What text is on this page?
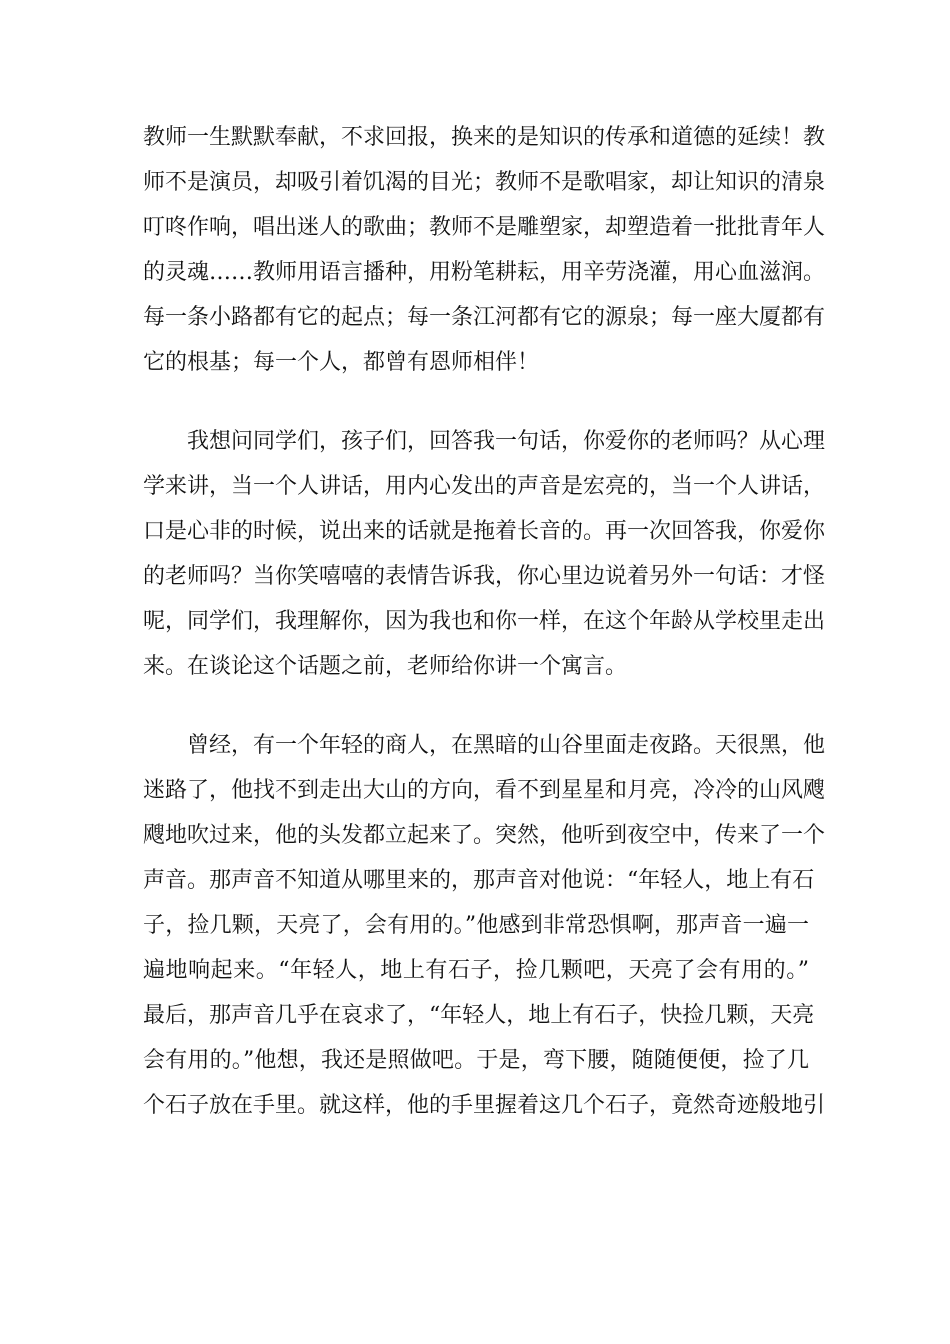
教师一生默默奉献，不求回报，换来的是知识的传承和道德的延续！教
师不是演员，却吸引着饥渴的目光；教师不是歌唱家，却让知识的清泉
叮咚作响，唱出迷人的歌曲；教师不是雕塑家，却塑造着一批批青年人
的灵魂……教师用语言播种，用粉笔耕耘，用辛劳浇灌，用心血滋润。
每一条小路都有它的起点；每一条江河都有它的源泉；每一座大厦都有
它的根基；每一个人，都曾有恩师相伴！
　　我想问同学们，孩子们，回答我一句话，你爱你的老师吗？从心理
学来讲，当一个人讲话，用内心发出的声音是宏亮的，当一个人讲话，
口是心非的时候，说出来的话就是拖着长音的。再一次回答我，你爱你
的老师吗？当你笑嘻嘻的表情告诉我，你心里边说着另外一句话：才怪
呢，同学们，我理解你，因为我也和你一样，在这个年龄从学校里走出
来。在谈论这个话题之前，老师给你讲一个寓言。
　　曾经，有一个年轻的商人，在黑暗的山谷里面走夜路。天很黑，他
迷路了，他找不到走出大山的方向，看不到星星和月亮，冷冷的山风飕
飕地吹过来，他的头发都立起来了。突然，他听到夜空中，传来了一个
声音。那声音不知道从哪里来的，那声音对他说：“年轻人，地上有石
子，捡几颗，天亮了，会有用的。”他感到非常恐惧啊，那声音一遍一
遍地响起来。“年轻人，地上有石子，捡几颗吧，天亮了会有用的。”
最后，那声音几乎在哀求了，“年轻人，地上有石子，快捡几颗，天亮
会有用的。”他想，我还是照做吧。于是，弯下腰，随随便便，捡了几
个石子放在手里。就这样，他的手里握着这几个石子，竟然奇迹般地引
